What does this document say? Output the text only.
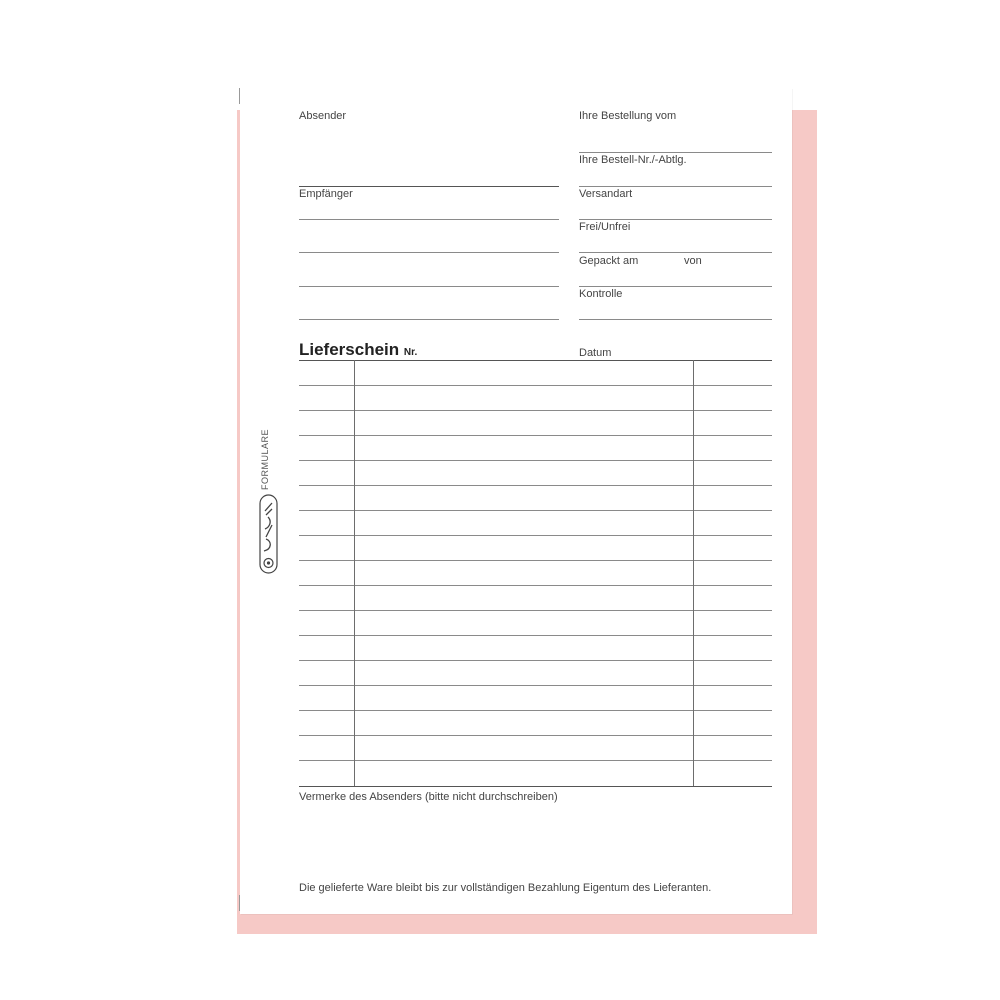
Absender
Empfänger
Ihre Bestellung vom
Ihre Bestell-Nr./-Abtlg.
Versandart
Frei/Unfrei
Gepackt am	von
Kontrolle
Lieferschein Nr.	Datum
Vermerke des Absenders (bitte nicht durchschreiben)
Die gelieferte Ware bleibt bis zur vollständigen Bezahlung Eigentum des Lieferanten.
FORMULARE
